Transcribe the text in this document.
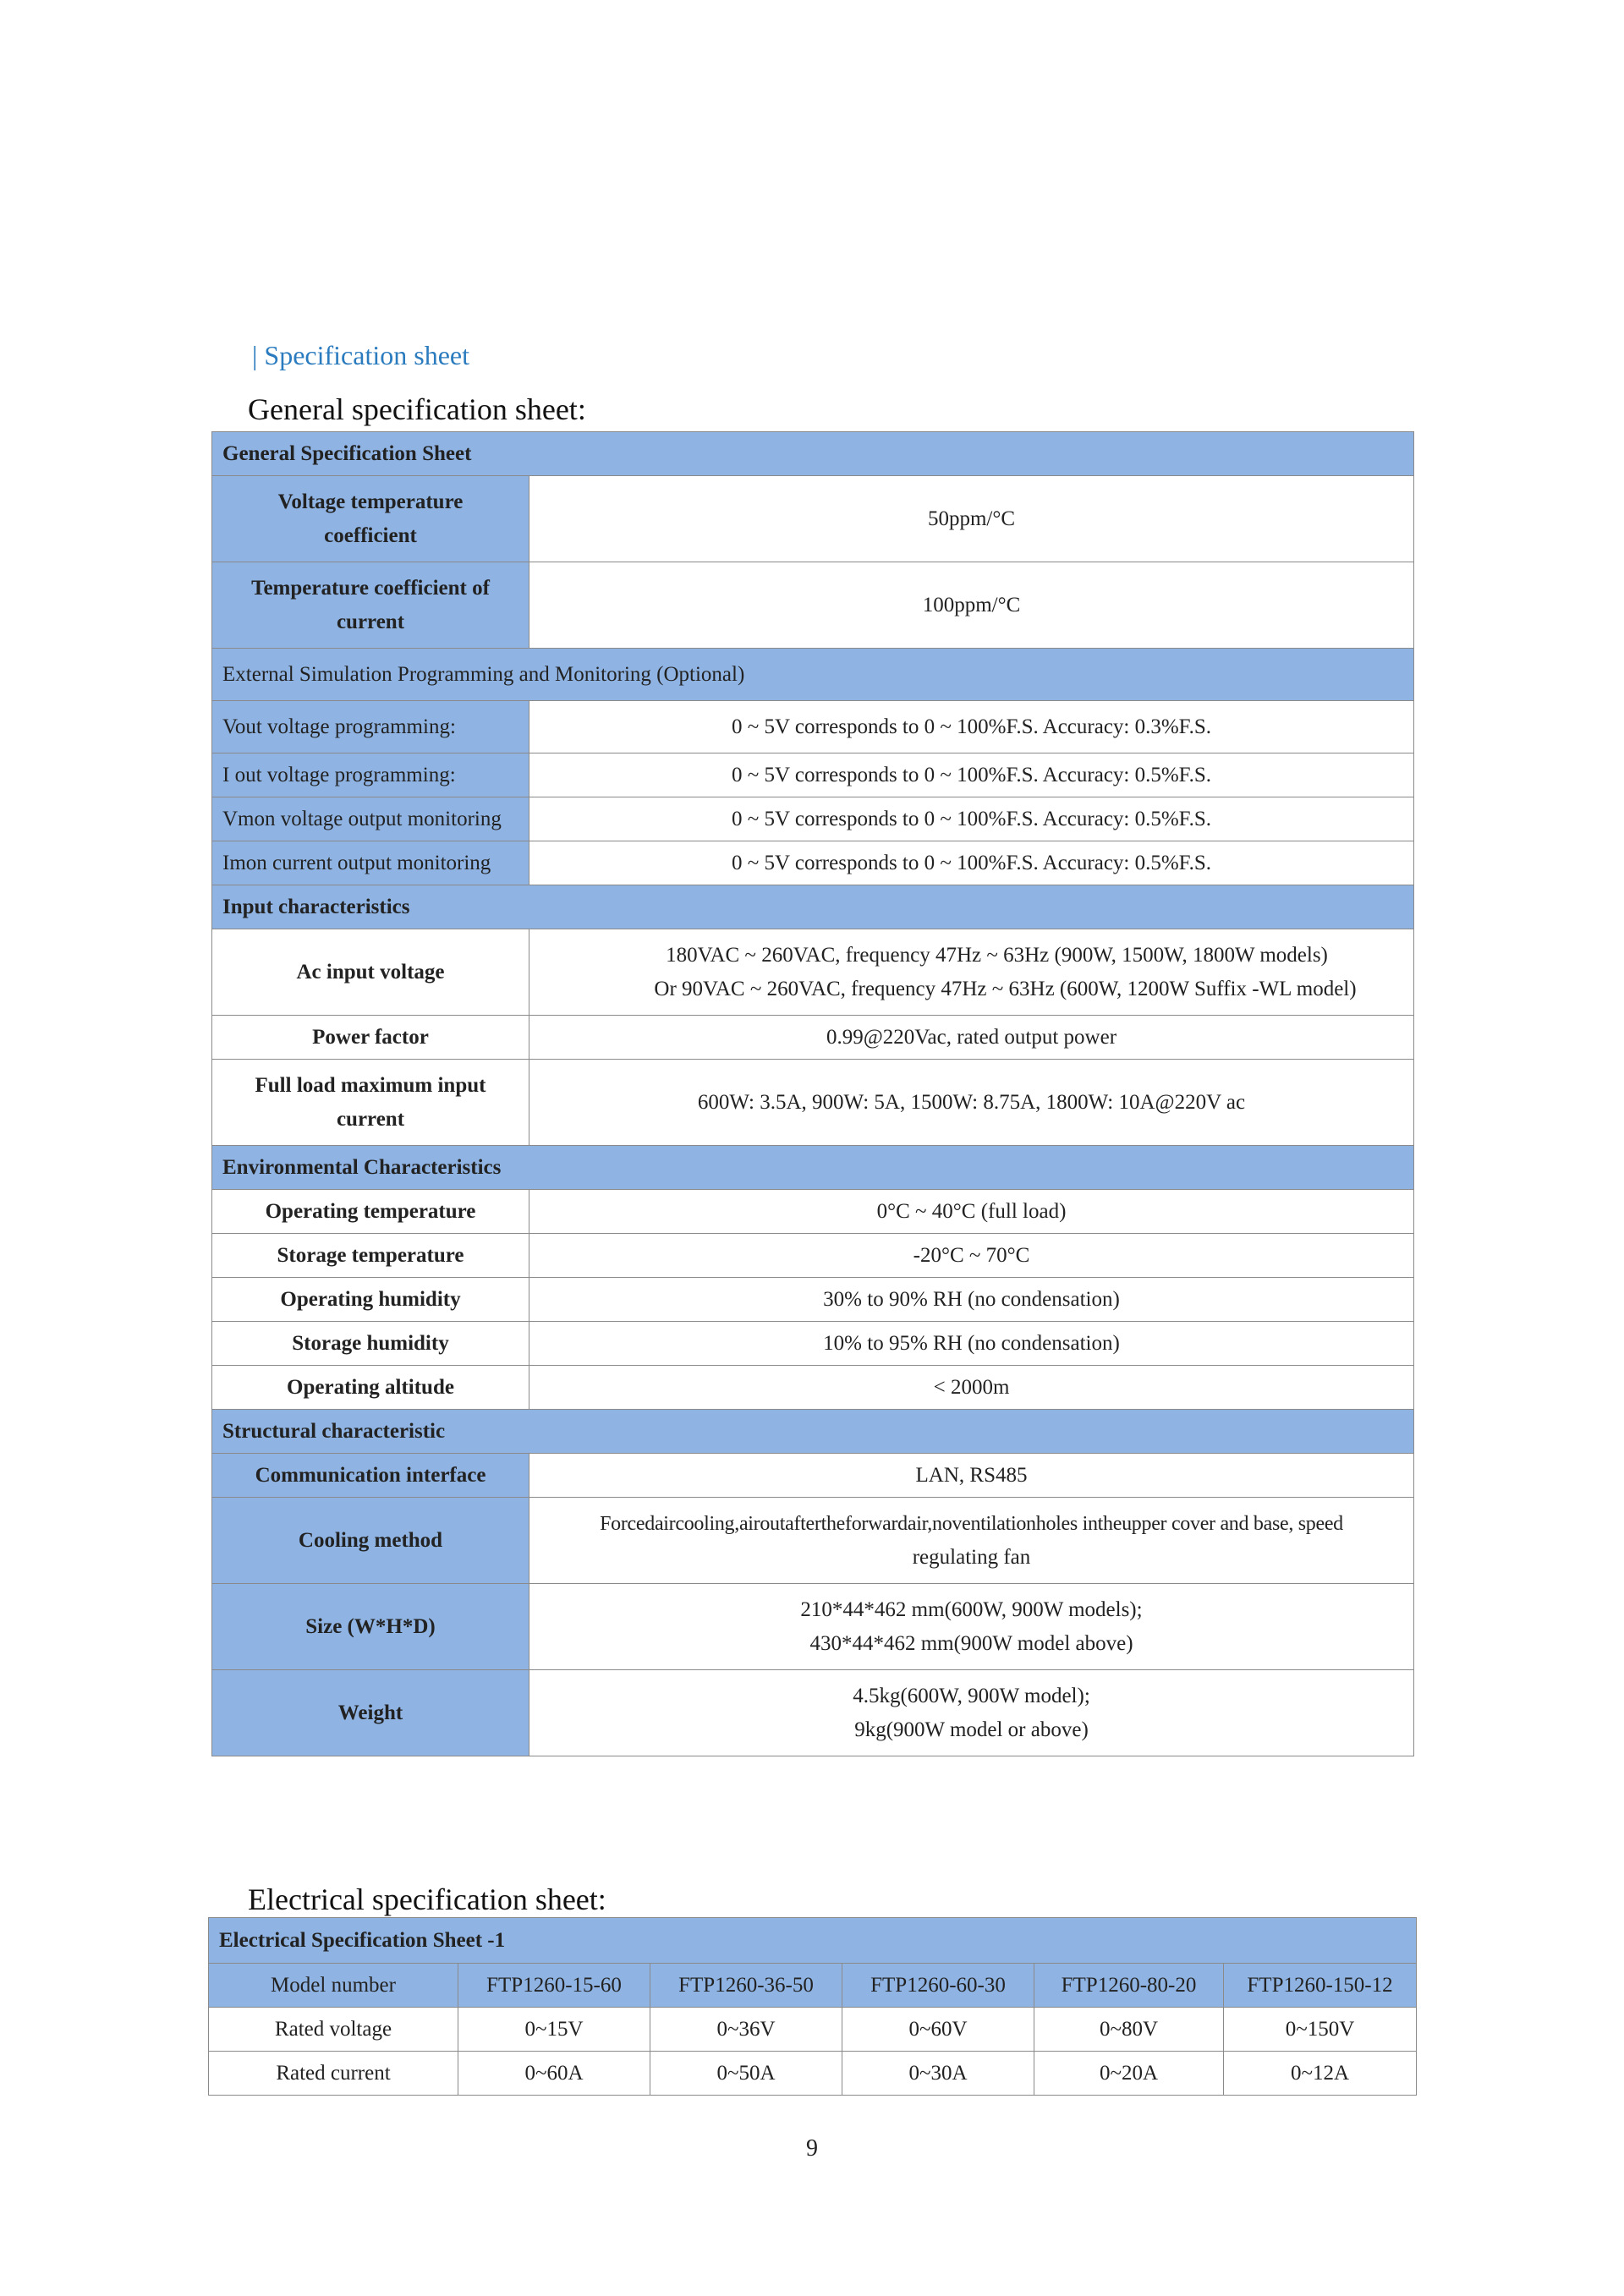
| Specification sheet
General specification sheet:
General Specification Sheet	

Voltage temperature
coefficient	50ppm/°C

Temperature coefficient of
current	100ppm/°C

External Simulation Programming and Monitoring (Optional)	
Vout voltage programming:	0 ~ 5V corresponds to 0 ~ 100%F.S. Accuracy: 0.3%F.S.
I out voltage programming:	0 ~ 5V corresponds to 0 ~ 100%F.S. Accuracy: 0.5%F.S.
Vmon voltage output monitoring	0 ~ 5V corresponds to 0 ~ 100%F.S. Accuracy: 0.5%F.S.
Imon current output monitoring	0 ~ 5V corresponds to 0 ~ 100%F.S. Accuracy: 0.5%F.S.
Input characteristics	
Ac input voltage	180VAC ~ 260VAC, frequency 47Hz ~ 63Hz (900W, 1500W, 1800W models)
Or 90VAC ~ 260VAC, frequency 47Hz ~ 63Hz (600W, 1200W Suffix -WL model)

Power factor	0.99@220Vac, rated output power

Full load maximum input
current	600W: 3.5A, 900W: 5A, 1500W: 8.75A, 1800W: 10A@220V ac
Environmental Characteristics	
Operating temperature	0°C ~ 40°C (full load)
Storage temperature	-20°C ~ 70°C
Operating humidity	30% to 90% RH (no condensation)
Storage humidity	10% to 95% RH (no condensation)
Operating altitude	< 2000m
Structural characteristic	
Communication interface	LAN, RS485
Cooling method	Forcedaircooling,airoutaftertheforwardair,noventilationholes intheupper cover and base, speed
regulating fan

Size (W*H*D)	210*44*462 mm(600W, 900W models);
430*44*462 mm(900W model above)

Weight	4.5kg(600W, 900W model);
9kg(900W model or above)
Electrical specification sheet:
Electrical Specification Sheet -1					
Model number	FTP1260-15-60	FTP1260-36-50	FTP1260-60-30	FTP1260-80-20	FTP1260-150-12
Rated voltage	0~15V	0~36V	0~60V	0~80V	0~150V
Rated current	0~60A	0~50A	0~30A	0~20A	0~12A
9
